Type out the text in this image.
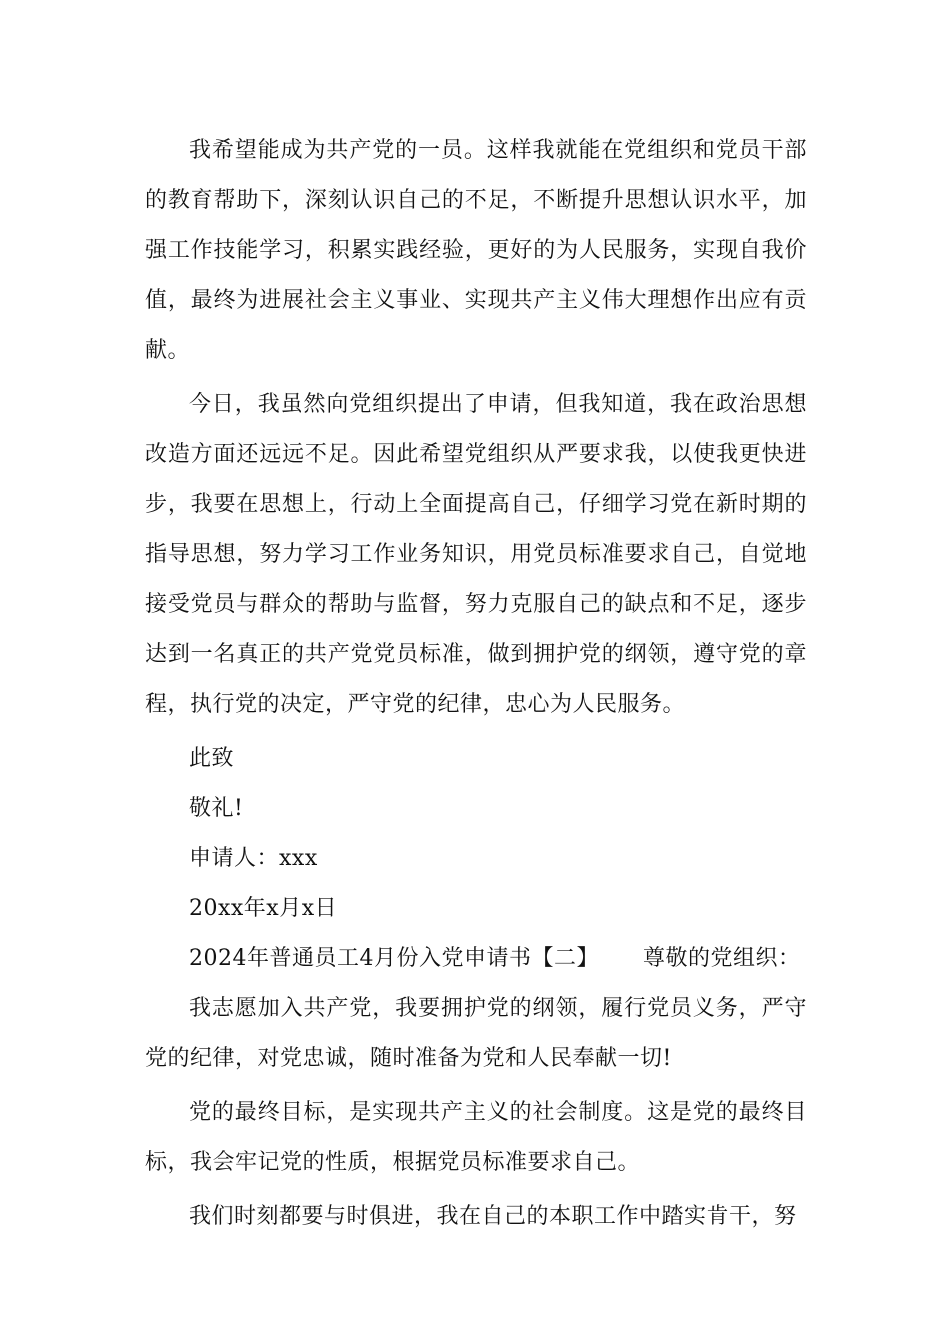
我希望能成为共产党的一员。这样我就能在党组织和党员干部的教育帮助下，深刻认识自己的不足，不断提升思想认识水平，加强工作技能学习，积累实践经验，更好的为人民服务，实现自我价值，最终为进展社会主义事业、实现共产主义伟大理想作出应有贡献。

今日，我虽然向党组织提出了申请，但我知道，我在政治思想改造方面还远远不足。因此希望党组织从严要求我，以使我更快进步，我要在思想上，行动上全面提高自己，仔细学习党在新时期的指导思想，努力学习工作业务知识，用党员标准要求自己，自觉地接受党员与群众的帮助与监督，努力克服自己的缺点和不足，逐步达到一名真正的共产党党员标准，做到拥护党的纲领，遵守党的章程，执行党的决定，严守党的纪律，忠心为人民服务。

此致

敬礼!

申请人：xxx

20xx年x月x日

2024年普通员工4月份入党申请书【二】 尊敬的党组织：

我志愿加入共产党，我要拥护党的纲领，履行党员义务，严守党的纪律，对党忠诚，随时准备为党和人民奉献一切!

党的最终目标，是实现共产主义的社会制度。这是党的最终目标，我会牢记党的性质，根据党员标准要求自己。

我们时刻都要与时俱进，我在自己的本职工作中踏实肯干，努
